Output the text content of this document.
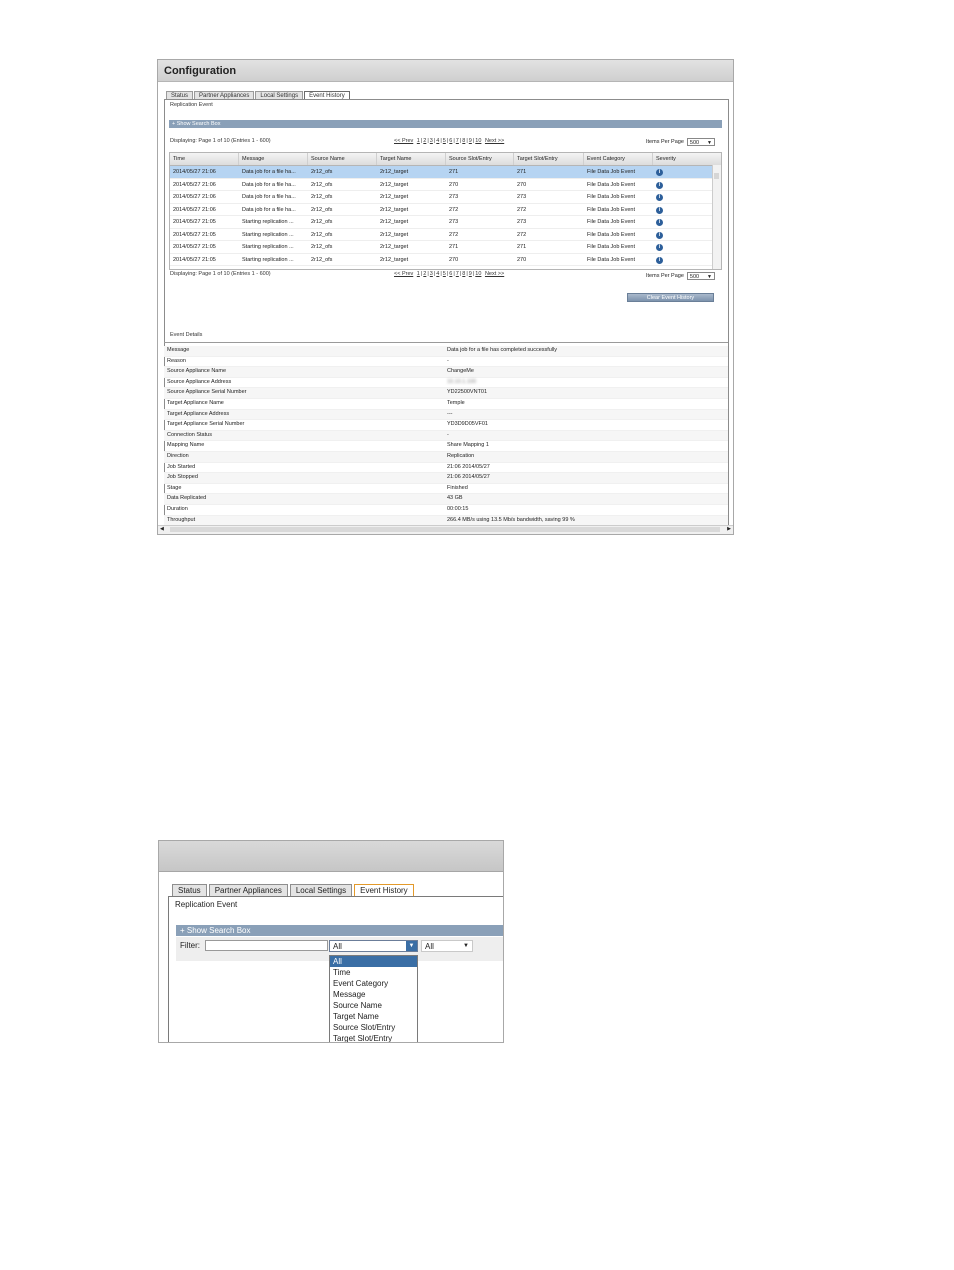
Configuration
Status	Partner Appliances	Local Settings	Event History
Replication Event
+ Show Search Box
Displaying: Page 1 of 10 (Entries 1 - 600)	<< Prev
1 | 2 | 3 | 4 | 5 | 6 | 7 | 8 | 9 | 10
Next >>	Items Per Page	500 ▼
Time	Message	Source Name	Target Name	Source Slot/Entry	Target Slot/Entry	Event Category	Severity
2014/05/27 21:06	Data job for a file ha...	2r12_ofs	2r12_target	271	271	File Data Job Event	i
2014/05/27 21:06	Data job for a file ha...	2r12_ofs	2r12_target	270	270	File Data Job Event	i
2014/05/27 21:06	Data job for a file ha...	2r12_ofs	2r12_target	273	273	File Data Job Event	i
2014/05/27 21:06	Data job for a file ha...	2r12_ofs	2r12_target	272	272	File Data Job Event	i
2014/05/27 21:05	Starting replication ...	2r12_ofs	2r12_target	273	273	File Data Job Event	i
2014/05/27 21:05	Starting replication ...	2r12_ofs	2r12_target	272	272	File Data Job Event	i
2014/05/27 21:05	Starting replication ...	2r12_ofs	2r12_target	271	271	File Data Job Event	i
2014/05/27 21:05	Starting replication ...	2r12_ofs	2r12_target	270	270	File Data Job Event	i
Displaying: Page 1 of 10 (Entries 1 - 600)	<< Prev
1 | 2 | 3 | 4 | 5 | 6 | 7 | 8 | 9 | 10
Next >>	Items Per Page	500 ▼
Clear Event History
Event Details
Message	Data job for a file has completed successfully
Reason	-
Source Appliance Name	ChangeMe
Source Appliance Address	10.10.1.100
Source Appliance Serial Number	YD22500VNT01
Target Appliance Name	Temple
Target Appliance Address	---
Target Appliance Serial Number	YD3D9D05VF01
Connection Status	-
Mapping Name	Share Mapping 1
Direction	Replication
Job Started	21:06 2014/05/27
Job Stopped	21:06 2014/05/27
Stage	Finished
Data Replicated	43 GB
Duration	00:00:15
Throughput	266.4 MB/s using 13.5 Mb/s bandwidth, saving 99 %
◀	▶
Status	Partner Appliances	Local Settings	Event History
Replication Event
+ Show Search Box
Filter:	All	▼	All	▼
All
Time
Event Category
Message
Source Name
Target Name
Source Slot/Entry
Target Slot/Entry
